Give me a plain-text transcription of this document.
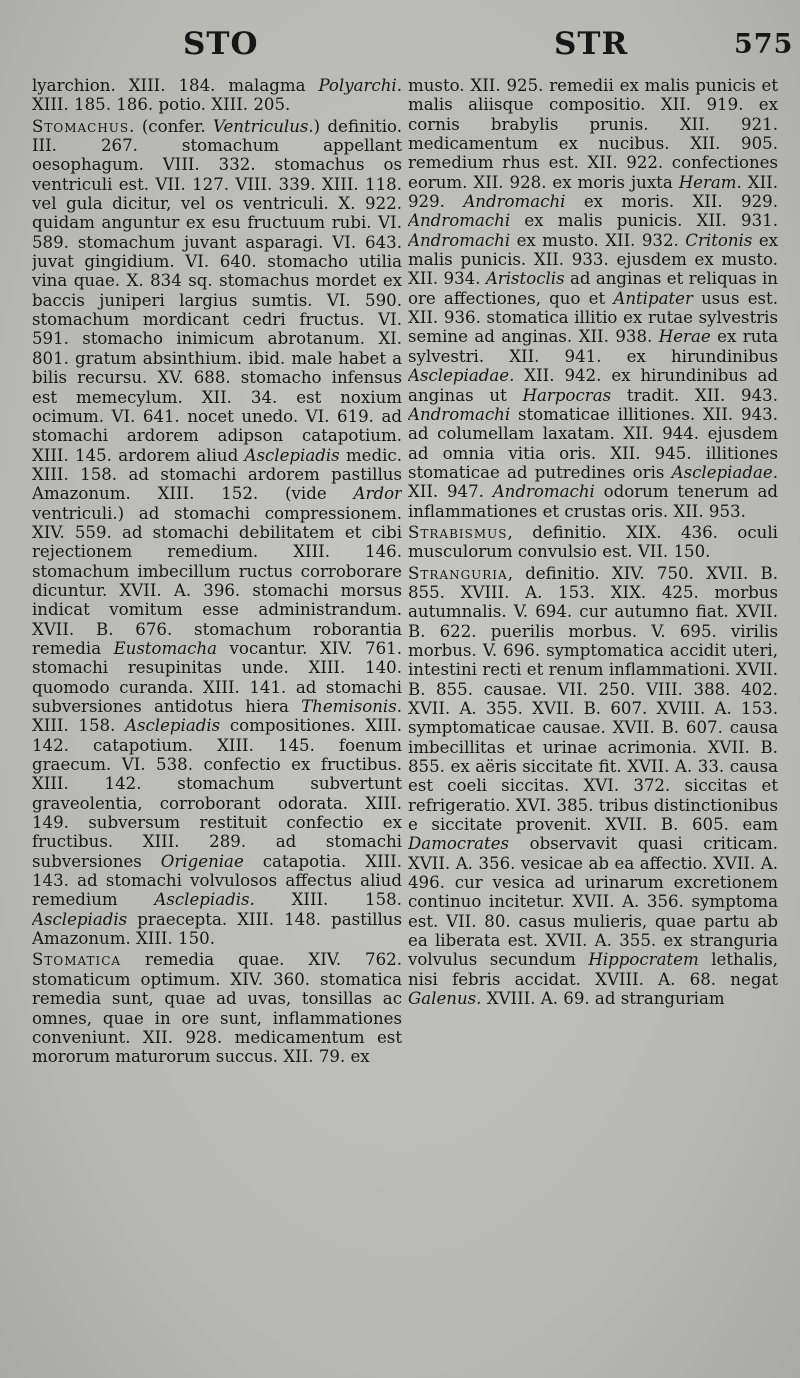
STO	STR	575

lyarchion. XIII. 184. malagma Polyarchi. XIII. 185. 186. potio. XIII. 205.

Stomachus. (confer. Ventriculus.) definitio. III. 267. stomachum appellant oesophagum. VIII. 332. stomachus os ventriculi est. VII. 127. VIII. 339. XIII. 118. vel gula dicitur, vel os ventriculi. X. 922. quidam anguntur ex esu fructuum rubi. VI. 589. stomachum juvant asparagi. VI. 643. juvat gingidium. VI. 640. stomacho utilia vina quae. X. 834 sq. stomachus mordet ex baccis juniperi largius sumtis. VI. 590. stomachum mordicant cedri fructus. VI. 591. stomacho inimicum abrotanum. XI. 801. gratum absinthium. ibid. male habet a bilis recursu. XV. 688. stomacho infensus est memecylum. XII. 34. est noxium ocimum. VI. 641. nocet unedo. VI. 619. ad stomachi ardorem adipson catapotium. XIII. 145. ardorem aliud Asclepiadis medic. XIII. 158. ad stomachi ardorem pastillus Amazonum. XIII. 152. (vide Ardor ventriculi.) ad stomachi compressionem. XIV. 559. ad stomachi debilitatem et cibi rejectionem remedium. XIII. 146. stomachum imbecillum ructus corroborare dicuntur. XVII. A. 396. stomachi morsus indicat vomitum esse administrandum. XVII. B. 676. stomachum roborantia remedia Eustomacha vocantur. XIV. 761. stomachi resupinitas unde. XIII. 140. quomodo curanda. XIII. 141. ad stomachi subversiones antidotus hiera Themisonis. XIII. 158. Asclepiadis compositiones. XIII. 142. catapotium. XIII. 145. foenum graecum. VI. 538. confectio ex fructibus. XIII. 142. stomachum subvertunt graveolentia, corroborant odorata. XIII. 149. subversum restituit confectio ex fructibus. XIII. 289. ad stomachi subversiones Origeniae catapotia. XIII. 143. ad stomachi volvulosos affectus aliud remedium Asclepiadis. XIII. 158. Asclepiadis praecepta. XIII. 148. pastillus Amazonum. XIII. 150.

Stomatica remedia quae. XIV. 762. stomaticum optimum. XIV. 360. stomatica remedia sunt, quae ad uvas, tonsillas ac omnes, quae in ore sunt, inflammationes conveniunt. XII. 928. medicamentum est mororum maturorum succus. XII. 79. ex

musto. XII. 925. remedii ex malis punicis et malis aliisque compositio. XII. 919. ex cornis brabylis prunis. XII. 921. medicamentum ex nucibus. XII. 905. remedium rhus est. XII. 922. confectiones eorum. XII. 928. ex moris juxta Heram. XII. 929. Andromachi ex moris. XII. 929. Andromachi ex malis punicis. XII. 931. Andromachi ex musto. XII. 932. Critonis ex malis punicis. XII. 933. ejusdem ex musto. XII. 934. Aristoclis ad anginas et reliquas in ore affectiones, quo et Antipater usus est. XII. 936. stomatica illitio ex rutae sylvestris semine ad anginas. XII. 938. Herae ex ruta sylvestri. XII. 941. ex hirundinibus Asclepiadae. XII. 942. ex hirundinibus ad anginas ut Harpocras tradit. XII. 943. Andromachi stomaticae illitiones. XII. 943. ad columellam laxatam. XII. 944. ejusdem ad omnia vitia oris. XII. 945. illitiones stomaticae ad putredines oris Asclepiadae. XII. 947. Andromachi odorum tenerum ad inflammationes et crustas oris. XII. 953.

Strabismus, definitio. XIX. 436. oculi musculorum convulsio est. VII. 150.

Stranguria, definitio. XIV. 750. XVII. B. 855. XVIII. A. 153. XIX. 425. morbus autumnalis. V. 694. cur autumno fiat. XVII. B. 622. puerilis morbus. V. 695. virilis morbus. V. 696. symptomatica accidit uteri, intestini recti et renum inflammationi. XVII. B. 855. causae. VII. 250. VIII. 388. 402. XVII. A. 355. XVII. B. 607. XVIII. A. 153. symptomaticae causae. XVII. B. 607. causa imbecillitas et urinae acrimonia. XVII. B. 855. ex aëris siccitate fit. XVII. A. 33. causa est coeli siccitas. XVI. 372. siccitas et refrigeratio. XVI. 385. tribus distinctionibus e siccitate provenit. XVII. B. 605. eam Damocrates observavit quasi criticam. XVII. A. 356. vesicae ab ea affectio. XVII. A. 496. cur vesica ad urinarum excretionem continuo incitetur. XVII. A. 356. symptoma est. VII. 80. casus mulieris, quae partu ab ea liberata est. XVII. A. 355. ex stranguria volvulus secundum Hippocratem lethalis, nisi febris accidat. XVIII. A. 68. negat Galenus. XVIII. A. 69. ad stranguriam
